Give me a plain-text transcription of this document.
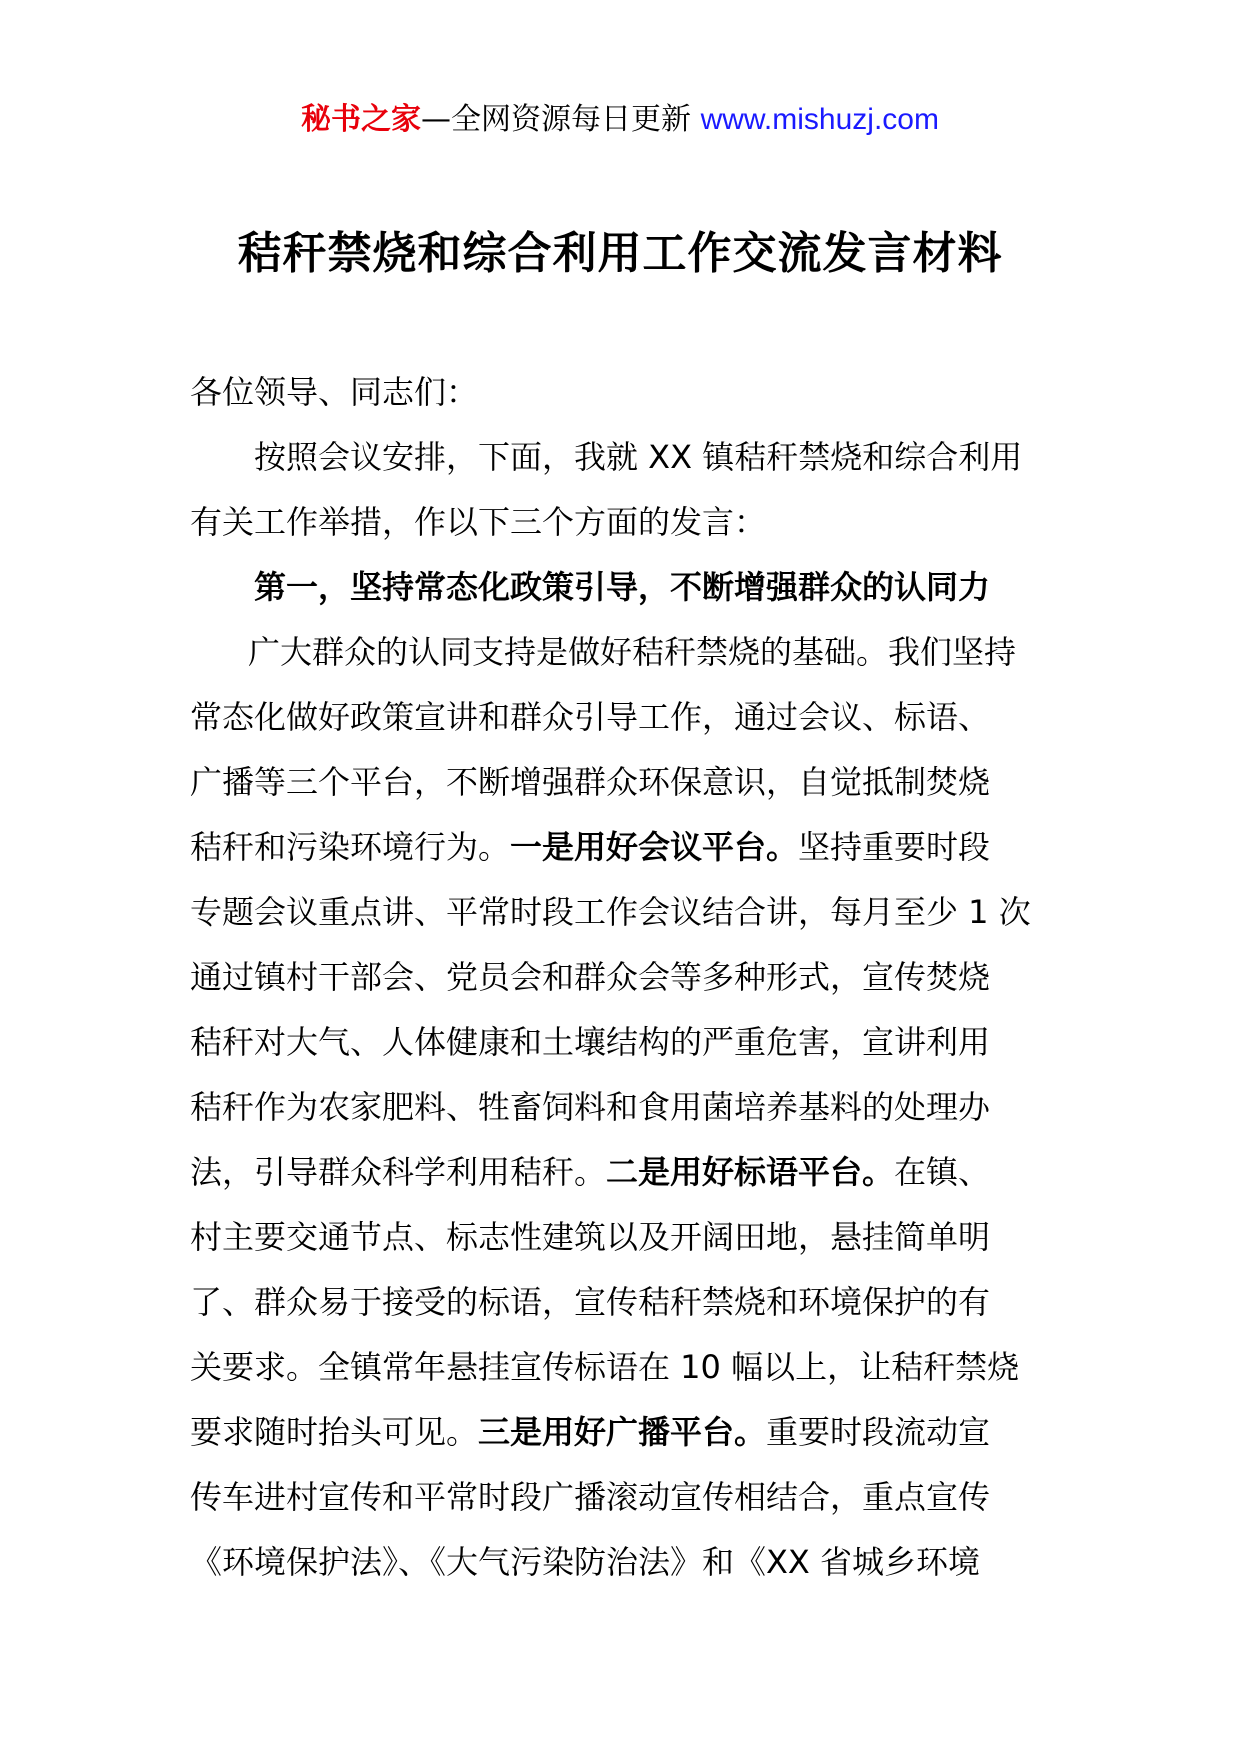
秘书之家—全网资源每日更新 www.mishuzj.com
秸秆禁烧和综合利用工作交流发言材料
各位领导、同志们：
按照会议安排，下面，我就 XX 镇秸秆禁烧和综合利用
有关工作举措，作以下三个方面的发言：
第一，坚持常态化政策引导，不断增强群众的认同力
广大群众的认同支持是做好秸秆禁烧的基础。我们坚持
常态化做好政策宣讲和群众引导工作，通过会议、标语、
广播等三个平台，不断增强群众环保意识，自觉抵制焚烧
秸秆和污染环境行为。一是用好会议平台。坚持重要时段
专题会议重点讲、平常时段工作会议结合讲，每月至少 1 次
通过镇村干部会、党员会和群众会等多种形式，宣传焚烧
秸秆对大气、人体健康和土壤结构的严重危害，宣讲利用
秸秆作为农家肥料、牲畜饲料和食用菌培养基料的处理办
法，引导群众科学利用秸秆。二是用好标语平台。在镇、
村主要交通节点、标志性建筑以及开阔田地，悬挂简单明
了、群众易于接受的标语，宣传秸秆禁烧和环境保护的有
关要求。全镇常年悬挂宣传标语在 10 幅以上，让秸秆禁烧
要求随时抬头可见。三是用好广播平台。重要时段流动宣
传车进村宣传和平常时段广播滚动宣传相结合，重点宣传
《环境保护法》、《大气污染防治法》和《XX 省城乡环境
